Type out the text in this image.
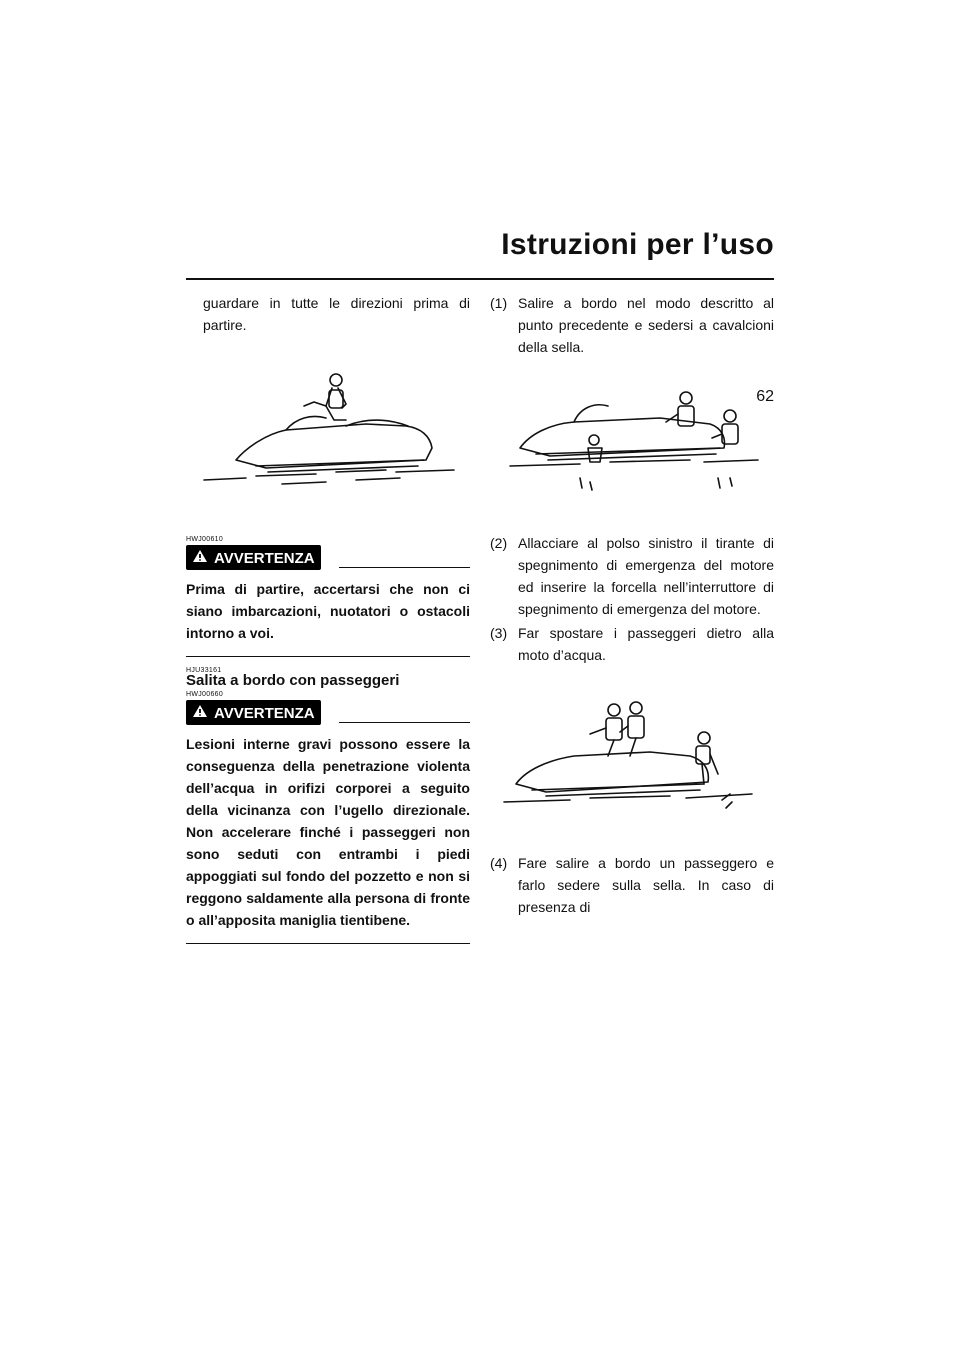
Istruzioni per l’uso
62
guardare in tutte le direzioni prima di partire.
HWJ00610
AVVERTENZA
Prima di partire, accertarsi che non ci siano imbarcazioni, nuotatori o ostacoli intorno a voi.
HJU33161
Salita a bordo con passeggeri
HWJ00660
AVVERTENZA
Lesioni interne gravi possono essere la conseguenza della penetrazione violenta dell’acqua in orifizi corporei a seguito della vicinanza con l’ugello direzionale. Non accelerare finché i passeggeri non sono seduti con entrambi i piedi appoggiati sul fondo del pozzetto e non si reggono saldamente alla persona di fronte o all’apposita maniglia tientibene.
(1) Salire a bordo nel modo descritto al punto precedente e sedersi a cavalcioni della sella.
(2) Allacciare al polso sinistro il tirante di spegnimento di emergenza del motore ed inserire la forcella nell’interruttore di spegnimento di emergenza del motore.
(3) Far spostare i passeggeri dietro alla moto d’acqua.
(4) Fare salire a bordo un passeggero e farlo sedere sulla sella. In caso di presenza di
